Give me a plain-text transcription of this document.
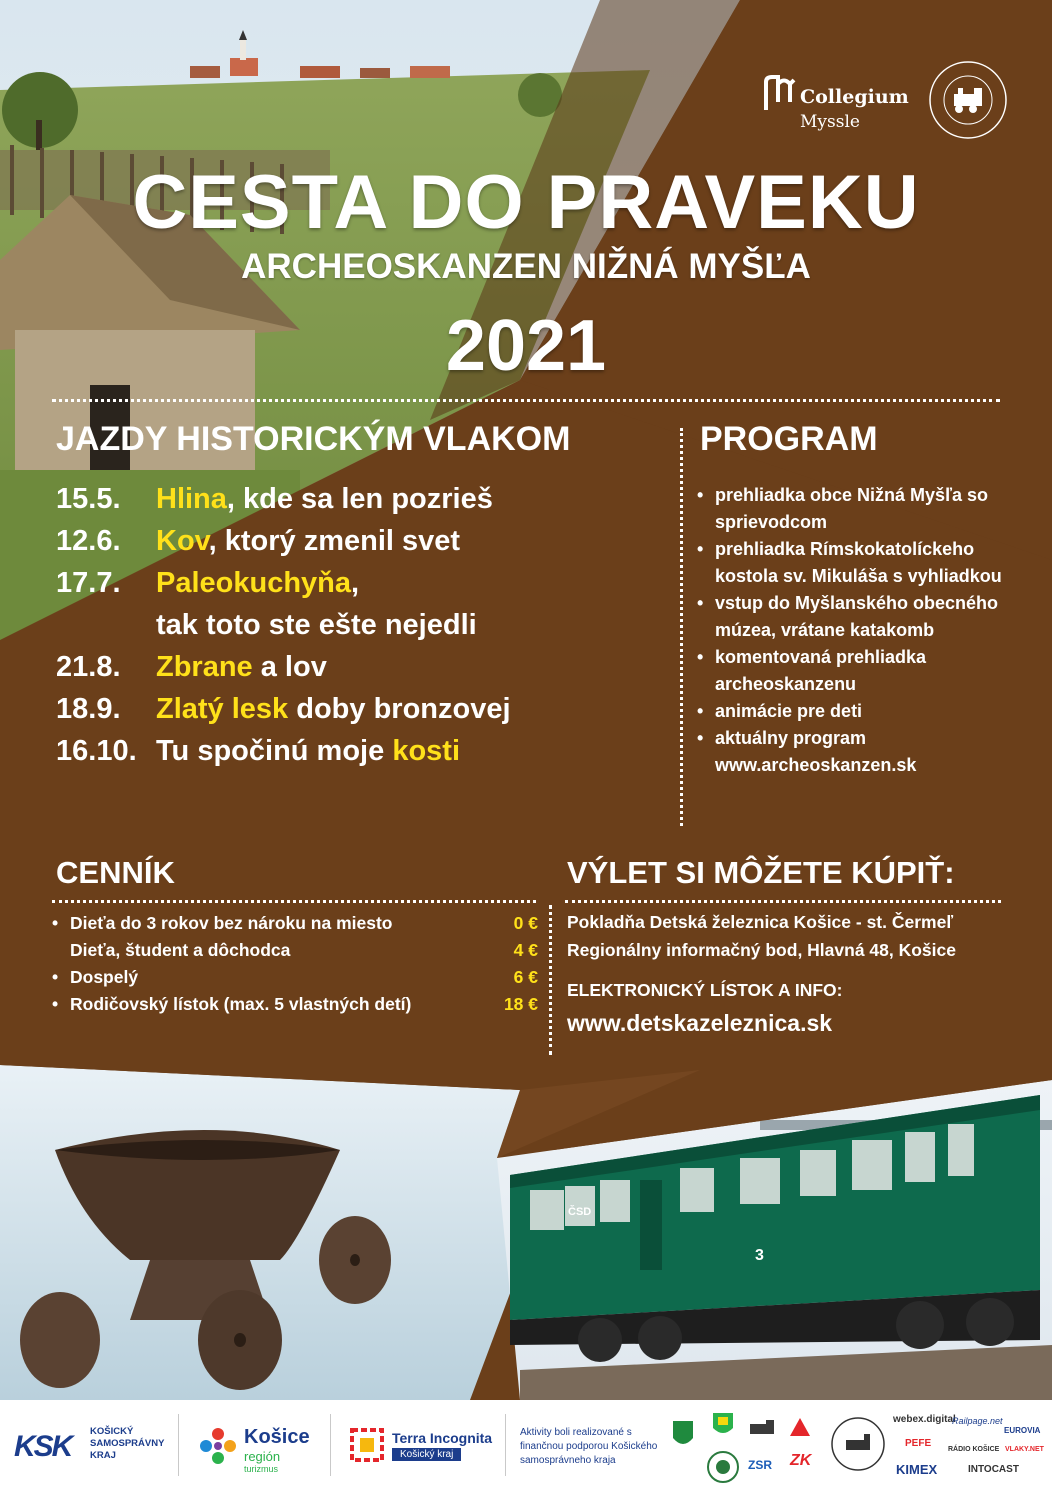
ČSD
3
Collegium
Myssle
CESTA DO PRAVEKU
ARCHEOSKANZEN NIŽNÁ MYŠĽA
2021
JAZDY HISTORICKÝM VLAKOM
15.5. Hlina, kde sa len pozrieš
12.6. Kov, ktorý zmenil svet
17.7. Paleokuchyňa,
tak toto ste ešte nejedli
21.8. Zbrane a lov
18.9. Zlatý lesk doby bronzovej
16.10. Tu spočinú moje kosti
PROGRAM
• prehliadka obce Nižná Myšľa so sprievodcom
• prehliadka Rímskokatolíckeho kostola sv. Mikuláša s vyhliadkou
• vstup do Myšlanského obecného múzea, vrátane katakomb
• komentovaná prehliadka archeoskanzenu
• animácie pre deti
• aktuálny program www.archeoskanzen.sk
CENNÍK
• Dieťa do 3 rokov bez nároku na miesto	0 €
Dieťa, študent a dôchodca	4 €
• Dospelý	6 €
• Rodičovský lístok (max. 5 vlastných detí)	18 €
VÝLET SI MÔŽETE KÚPIŤ:
Pokladňa Detská železnica Košice - st. Čermeľ
Regionálny informačný bod, Hlavná 48, Košice
ELEKTRONICKÝ LÍSTOK A INFO:
www.detskazeleznica.sk
KSK KOŠICKÝ SAMOSPRÁVNY KRAJ
Košice
región
turizmus
Terra Incognita
Košický kraj
Aktivity boli realizované s finančnou podporou Košického samosprávneho kraja	ZSR ZK
webex.digital
Railpage.net
EUROVIA
PEFE
RÁDIO KOŠICE VLAKY.NET
KIMEX	INTOCAST
